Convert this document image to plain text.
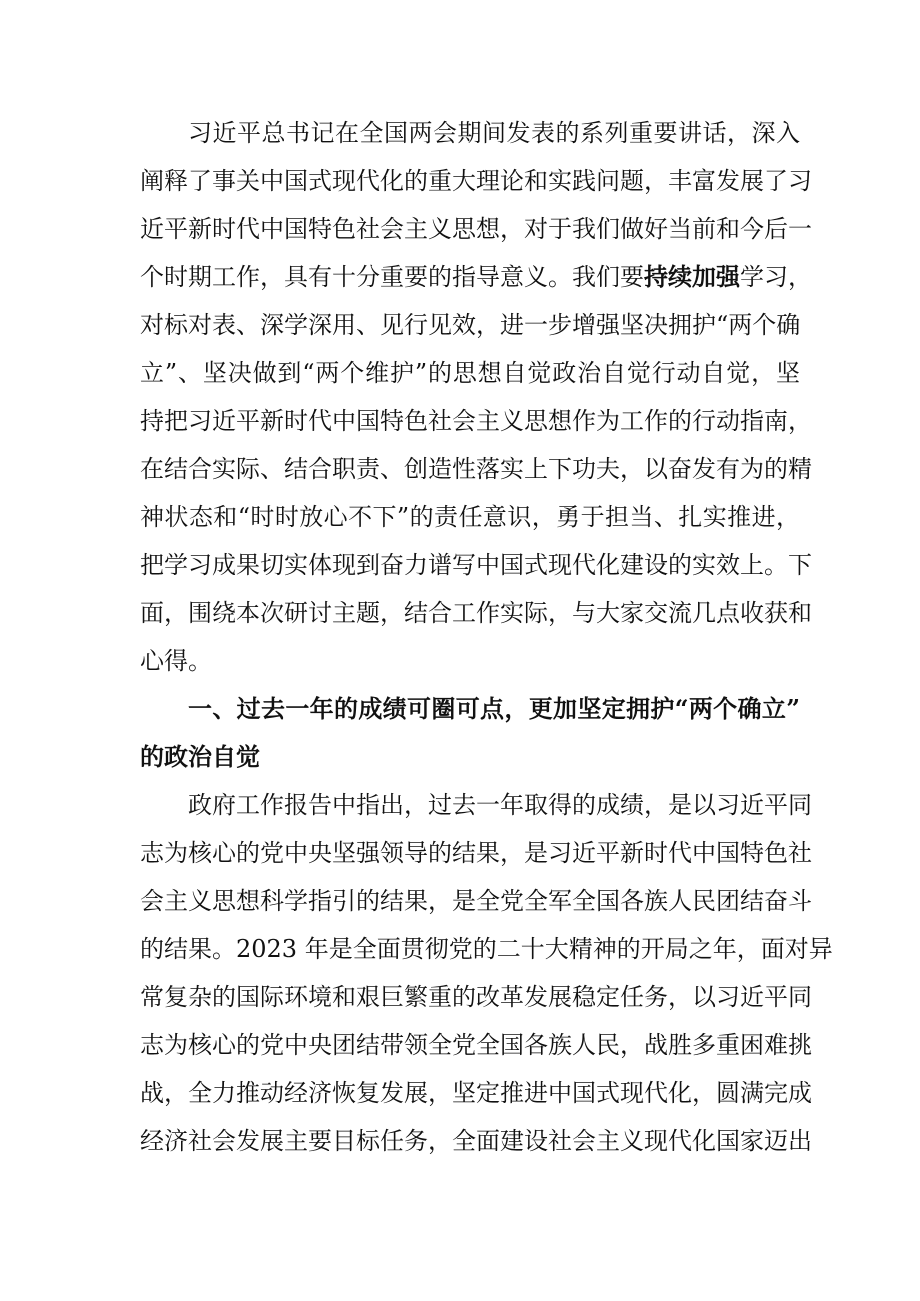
习近平总书记在全国两会期间发表的系列重要讲话，深入
阐释了事关中国式现代化的重大理论和实践问题，丰富发展了习
近平新时代中国特色社会主义思想，对于我们做好当前和今后一
个时期工作，具有十分重要的指导意义。我们要持续加强学习，
对标对表、深学深用、见行见效，进一步增强坚决拥护“两个确
立”、坚决做到“两个维护”的思想自觉政治自觉行动自觉，坚
持把习近平新时代中国特色社会主义思想作为工作的行动指南，
在结合实际、结合职责、创造性落实上下功夫，以奋发有为的精
神状态和“时时放心不下”的责任意识，勇于担当、扎实推进，
把学习成果切实体现到奋力谱写中国式现代化建设的实效上。下
面，围绕本次研讨主题，结合工作实际，与大家交流几点收获和
心得。
一、过去一年的成绩可圈可点，更加坚定拥护“两个确立”
的政治自觉
政府工作报告中指出，过去一年取得的成绩，是以习近平同
志为核心的党中央坚强领导的结果，是习近平新时代中国特色社
会主义思想科学指引的结果，是全党全军全国各族人民团结奋斗
的结果。2023 年是全面贯彻党的二十大精神的开局之年，面对异
常复杂的国际环境和艰巨繁重的改革发展稳定任务，以习近平同
志为核心的党中央团结带领全党全国各族人民，战胜多重困难挑
战，全力推动经济恢复发展，坚定推进中国式现代化，圆满完成
经济社会发展主要目标任务，全面建设社会主义现代化国家迈出
